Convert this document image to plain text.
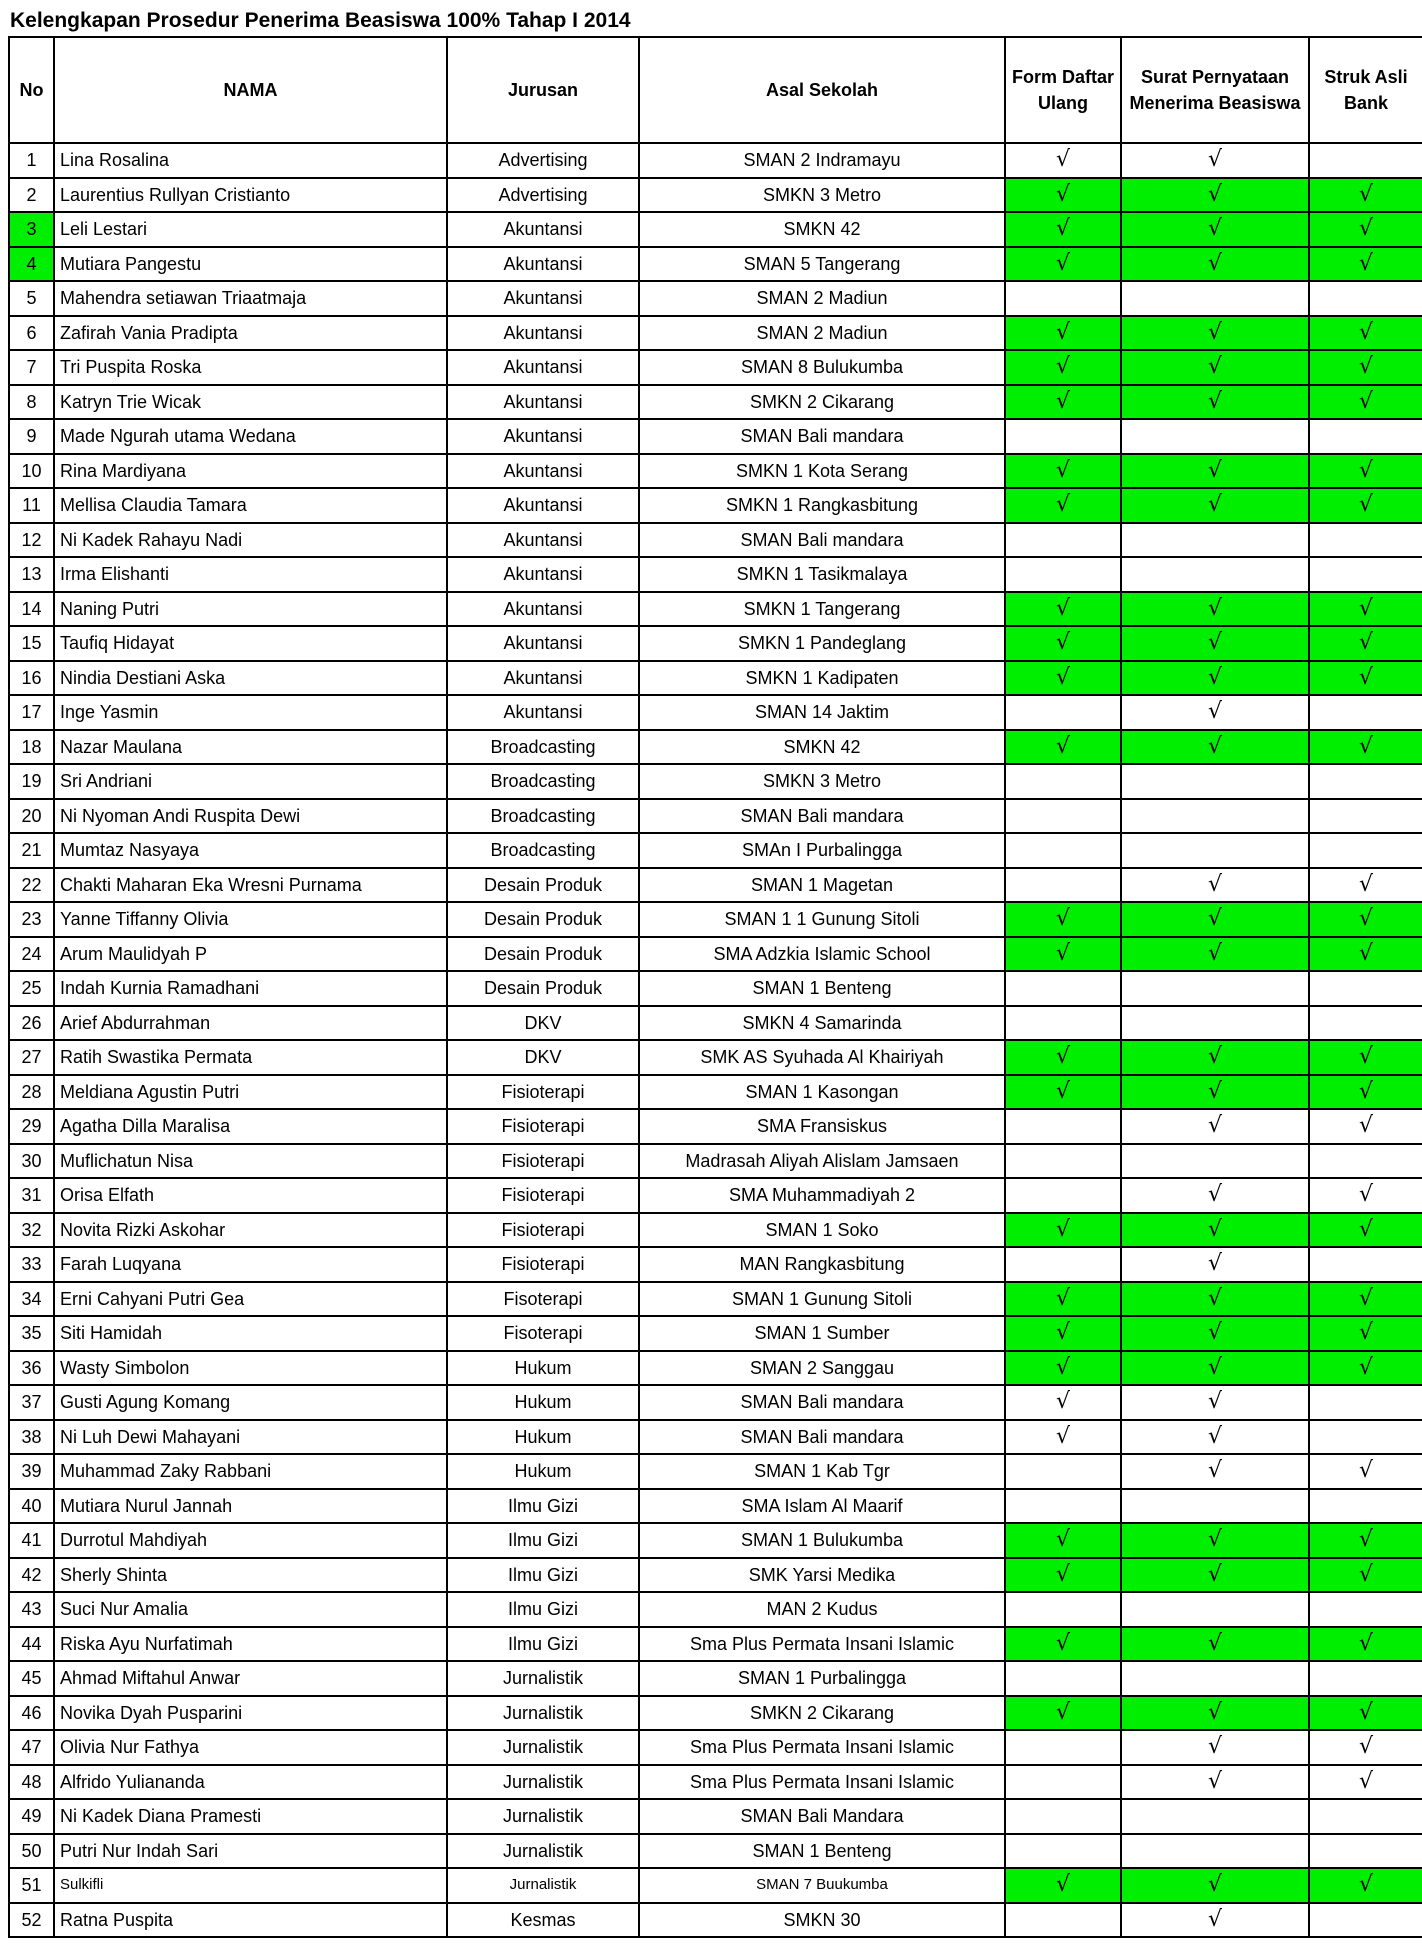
Kelengkapan Prosedur Penerima Beasiswa 100% Tahap I 2014
No	NAMA	Jurusan	Asal Sekolah	Form Daftar Ulang	Surat Pernyataan Menerima Beasiswa	Struk Asli Bank
1	Lina Rosalina	Advertising	SMAN 2 Indramayu	√	√	
2	Laurentius Rullyan Cristianto	Advertising	SMKN 3 Metro	√	√	√
3	Leli Lestari	Akuntansi	SMKN 42	√	√	√
4	Mutiara Pangestu	Akuntansi	SMAN 5 Tangerang	√	√	√
5	Mahendra setiawan Triaatmaja	Akuntansi	SMAN 2 Madiun			
6	Zafirah Vania Pradipta	Akuntansi	SMAN 2 Madiun	√	√	√
7	Tri Puspita Roska	Akuntansi	SMAN 8 Bulukumba	√	√	√
8	Katryn Trie Wicak	Akuntansi	SMKN 2 Cikarang	√	√	√
9	Made Ngurah utama Wedana	Akuntansi	SMAN Bali mandara			
10	Rina Mardiyana	Akuntansi	SMKN 1 Kota Serang	√	√	√
11	Mellisa Claudia Tamara	Akuntansi	SMKN 1 Rangkasbitung	√	√	√
12	Ni Kadek Rahayu Nadi	Akuntansi	SMAN Bali mandara			
13	Irma Elishanti	Akuntansi	SMKN 1 Tasikmalaya			
14	Naning Putri	Akuntansi	SMKN 1 Tangerang	√	√	√
15	Taufiq Hidayat	Akuntansi	SMKN 1 Pandeglang	√	√	√
16	Nindia Destiani Aska	Akuntansi	SMKN 1 Kadipaten	√	√	√
17	Inge Yasmin	Akuntansi	SMAN 14 Jaktim		√	
18	Nazar Maulana	Broadcasting	SMKN 42	√	√	√
19	Sri Andriani	Broadcasting	SMKN 3 Metro			
20	Ni Nyoman Andi Ruspita Dewi	Broadcasting	SMAN Bali mandara			
21	Mumtaz Nasyaya	Broadcasting	SMAn I Purbalingga			
22	Chakti Maharan Eka Wresni Purnama	Desain Produk	SMAN 1 Magetan		√	√
23	Yanne Tiffanny Olivia	Desain Produk	SMAN 1 1 Gunung Sitoli	√	√	√
24	Arum Maulidyah P	Desain Produk	SMA Adzkia Islamic School	√	√	√
25	Indah Kurnia Ramadhani	Desain Produk	SMAN 1 Benteng			
26	Arief Abdurrahman	DKV	SMKN 4 Samarinda			
27	Ratih Swastika Permata	DKV	SMK AS Syuhada Al Khairiyah	√	√	√
28	Meldiana Agustin Putri	Fisioterapi	SMAN 1 Kasongan	√	√	√
29	Agatha Dilla Maralisa	Fisioterapi	SMA Fransiskus		√	√
30	Muflichatun Nisa	Fisioterapi	Madrasah Aliyah Alislam Jamsaen			
31	Orisa Elfath	Fisioterapi	SMA Muhammadiyah 2		√	√
32	Novita Rizki Askohar	Fisioterapi	SMAN 1 Soko	√	√	√
33	Farah Luqyana	Fisioterapi	MAN Rangkasbitung		√	
34	Erni Cahyani Putri Gea	Fisoterapi	SMAN 1 Gunung Sitoli	√	√	√
35	Siti Hamidah	Fisoterapi	SMAN 1 Sumber	√	√	√
36	Wasty Simbolon	Hukum	SMAN 2 Sanggau	√	√	√
37	Gusti Agung Komang	Hukum	SMAN Bali mandara	√	√	
38	Ni Luh Dewi Mahayani	Hukum	SMAN Bali mandara	√	√	
39	Muhammad Zaky Rabbani	Hukum	SMAN 1 Kab Tgr		√	√
40	Mutiara Nurul Jannah	Ilmu Gizi	SMA Islam Al Maarif			
41	Durrotul Mahdiyah	Ilmu Gizi	SMAN 1 Bulukumba	√	√	√
42	Sherly Shinta	Ilmu Gizi	SMK Yarsi Medika	√	√	√
43	Suci Nur Amalia	Ilmu Gizi	MAN 2 Kudus			
44	Riska Ayu Nurfatimah	Ilmu Gizi	Sma Plus Permata Insani Islamic	√	√	√
45	Ahmad Miftahul Anwar	Jurnalistik	SMAN 1 Purbalingga			
46	Novika Dyah Pusparini	Jurnalistik	SMKN 2 Cikarang	√	√	√
47	Olivia Nur Fathya	Jurnalistik	Sma Plus Permata Insani Islamic		√	√
48	Alfrido Yuliananda	Jurnalistik	Sma Plus Permata Insani Islamic		√	√
49	Ni Kadek Diana Pramesti	Jurnalistik	SMAN Bali Mandara			
50	Putri Nur Indah Sari	Jurnalistik	SMAN 1 Benteng			
51	Sulkifli	Jurnalistik	SMAN 7 Buukumba	√	√	√
52	Ratna Puspita	Kesmas	SMKN 30		√	
